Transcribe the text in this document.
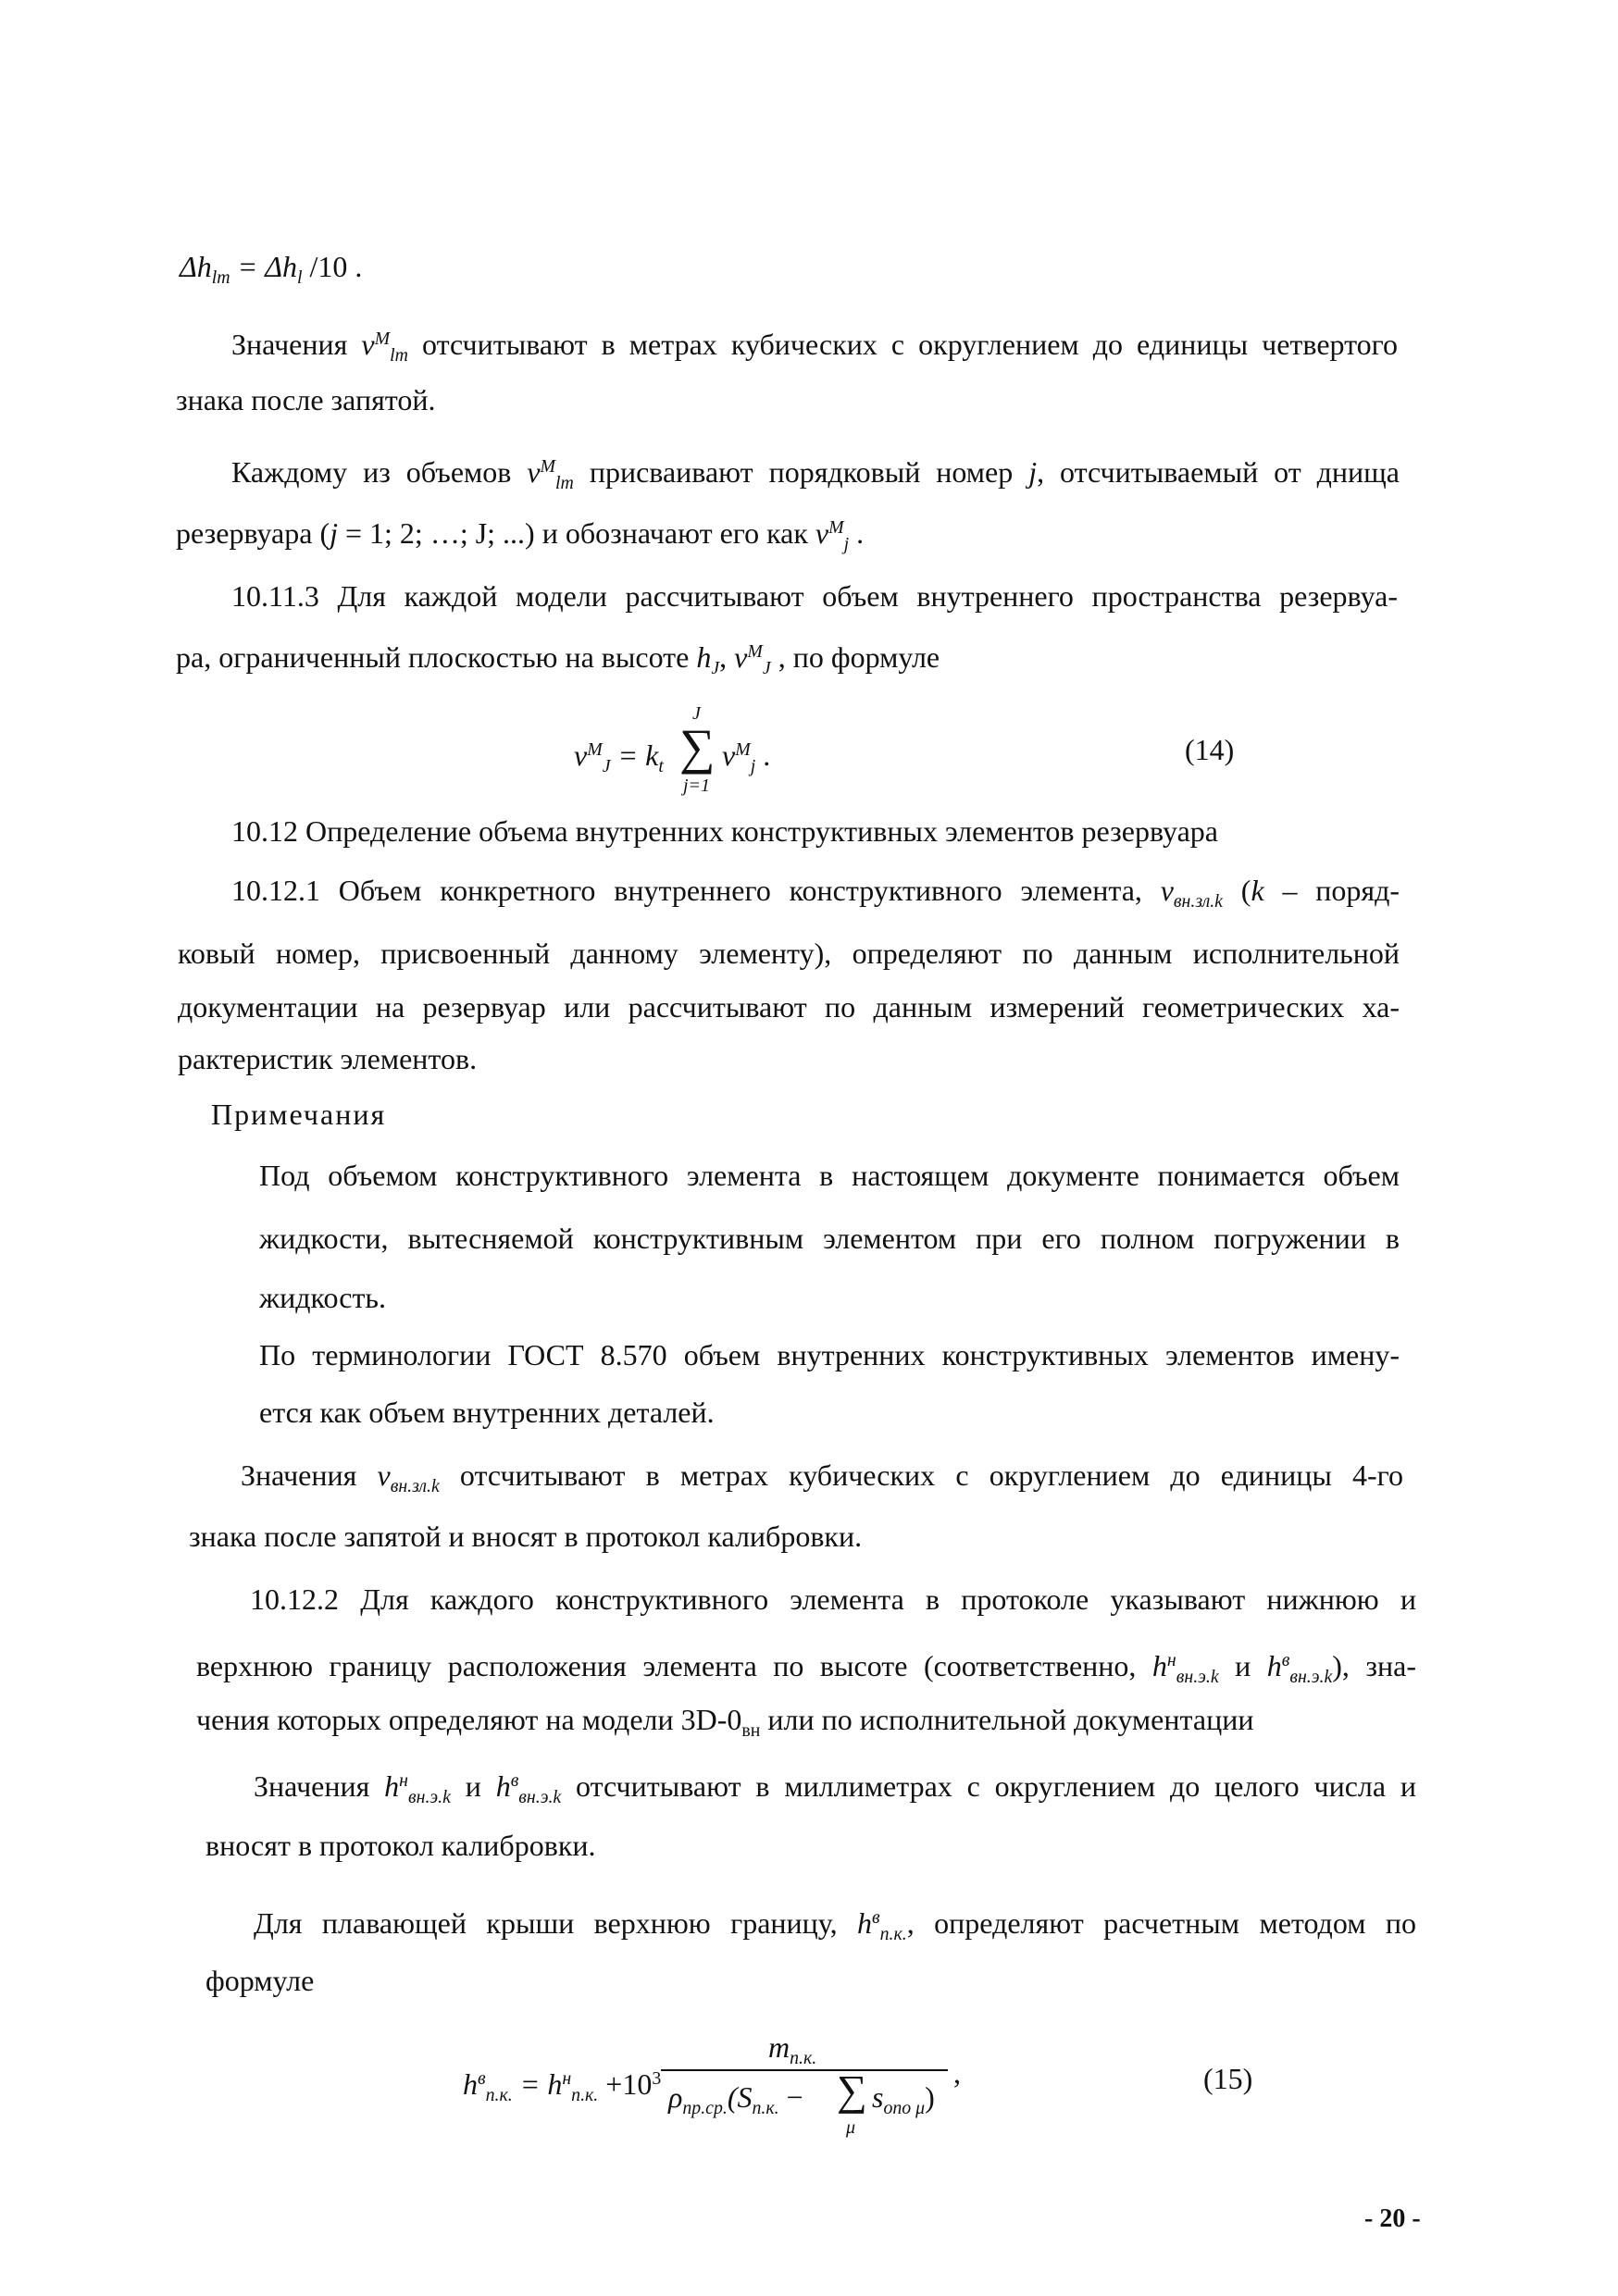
$\Delta h_{lm} = \Delta h_l$ /10 .
Значения $v^M_{lm}$ отсчитывают в метрах кубических с округлением до единицы четвертого
знака после запятой.
Каждому из объемов $v^M_{lm}$ присваивают порядковый номер j, отсчитываемый от днища
резервуара (j = 1; 2; …; J; ...) и обозначают его как $v^M_j$ .
10.11.3 Для каждой модели рассчитывают объем внутреннего пространства резервуа-
ра, ограниченный плоскостью на высоте $h_J$, $v^M_J$ , по формуле
$v^M_J = k_t$
J
∑
j=1
$v^M_j$ .	(14)
10.12 Определение объема внутренних конструктивных элементов резервуара
10.12.1 Объем конкретного внутреннего конструктивного элемента, $v_{вн.зл.k}$ (k – поряд-
ковый номер, присвоенный данному элементу), определяют по данным исполнительной
документации на резервуар или рассчитывают по данным измерений геометрических ха-
рактеристик элементов.
Примечания
Под объемом конструктивного элемента в настоящем документе понимается объем
жидкости, вытесняемой конструктивным элементом при его полном погружении в
жидкость.
По терминологии ГОСТ 8.570 объем внутренних конструктивных элементов имену-
ется как объем внутренних деталей.
Значения $v_{вн.зл.k}$ отсчитывают в метрах кубических с округлением до единицы 4-го
знака после запятой и вносят в протокол калибровки.
10.12.2 Для каждого конструктивного элемента в протоколе указывают нижнюю и
верхнюю границу расположения элемента по высоте (соответственно, $h^н_{вн.э.k}$ и $h^в_{вн.э.k}$), зна-
чения которых определяют на модели $3D-0_{вн}$ или по исполнительной документации
Значения $h^н_{вн.э.k}$ и $h^в_{вн.э.k}$ отсчитывают в миллиметрах с округлением до целого числа и
вносят в протокол калибровки.
Для плавающей крыши верхнюю границу, $h^в_{п.к.}$, определяют расчетным методом по
формуле
$h^в_{п.к.} = h^н_{п.к.} +10^3$
$m_{п.к.}$
$\rho_{пр.ср.}(S_{п.к.}$ − ∑
μ
$s_{опо \mu}$)
,	(15)
- 20 -
